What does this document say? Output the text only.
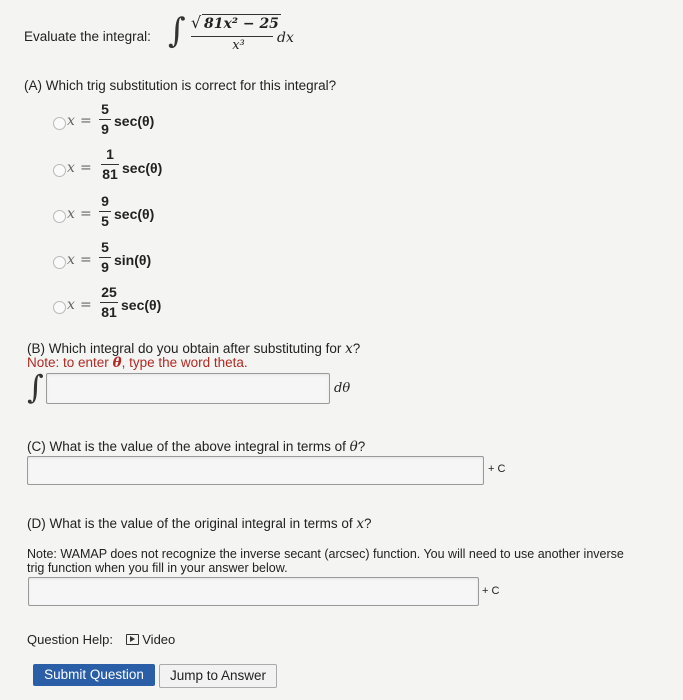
Evaluate the integral: ∫ √ 81x² − 25
x³	dx
(A) Which trig substitution is correct for this integral?
x =
5
9 sec(θ)
x =
1
81 sec(θ)
x =
9
5 sec(θ)
x =
5
9 sin(θ)
x =
25
81 sec(θ)
(B) Which integral do you obtain after substituting for x?
Note: to enter θ, type the word theta.
∫	dθ
(C) What is the value of the above integral in terms of θ?
+ C
(D) What is the value of the original integral in terms of x?
Note: WAMAP does not recognize the inverse secant (arcsec) function. You will need to use another inverse
trig function when you fill in your answer below.
+ C
Question Help: Video
Submit Question	Jump to Answer
